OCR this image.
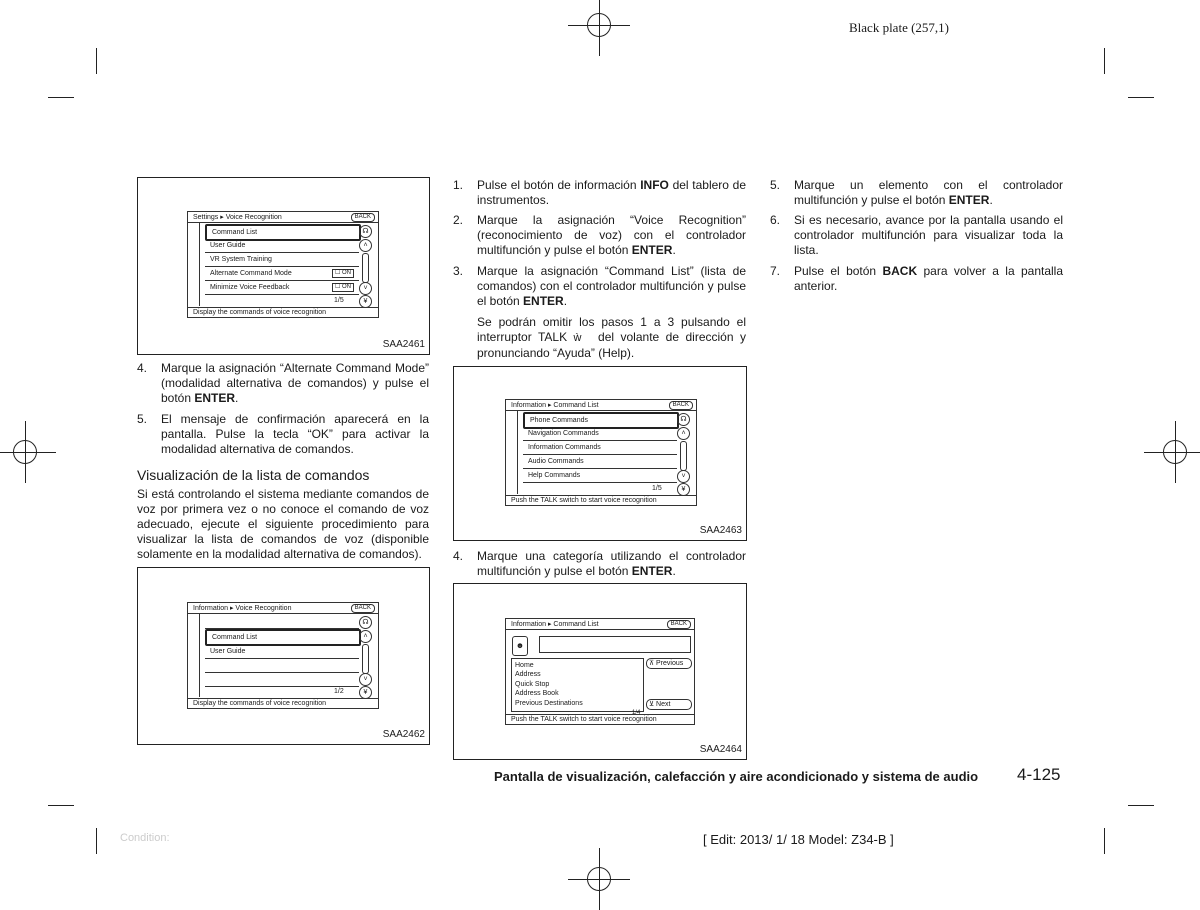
Black plate (257,1)
Settings ▸ Voice Recognition	BACK
Command List
User Guide
VR System Training
Alternate Command Mode	☐ ON
Minimize Voice Feedback	☐ ON
1/5
☊
˄
˅
¥
Display the commands of voice recognition
SAA2461
4. Marque la asignación “Alternate Command Mode” (modalidad alternativa de comandos) y pulse el botón ENTER.
5. El mensaje de confirmación aparecerá en la pantalla. Pulse la tecla “OK” para activar la modalidad alternativa de comandos.
Visualización de la lista de comandos
Si está controlando el sistema mediante comandos de voz por primera vez o no conoce el comando de voz adecuado, ejecute el siguiente procedimiento para visualizar la lista de comandos de voz (disponible solamente en la modalidad alternativa de comandos).
Information ▸ Voice Recognition	BACK
Command List
User Guide
1/2
☊
˄
˅
¥
Display the commands of voice recognition
SAA2462
1. Pulse el botón de información INFO del tablero de instrumentos.
2. Marque la asignación “Voice Recognition” (reconocimiento de voz) con el controlador multifunción y pulse el botón ENTER.
3. Marque la asignación “Command List” (lista de comandos) con el controlador multifunción y pulse el botón ENTER.
Se podrán omitir los pasos 1 a 3 pulsando el interruptor TALK ẁ del volante de dirección y pronunciando “Ayuda” (Help).
Information ▸ Command List	BACK
Phone Commands
Navigation Commands
Information Commands
Audio Commands
Help Commands
1/5
☊
˄
˅
¥
Push the TALK switch to start voice recognition
SAA2463
4. Marque una categoría utilizando el controlador multifunción y pulse el botón ENTER.
Information ▸ Command List	BACK
☻
Home
Address
Quick Stop
Address Book
Previous Destinations
⊼ Previous
⊻ Next
1/4
Push the TALK switch to start voice recognition
SAA2464
5. Marque un elemento con el controlador multifunción y pulse el botón ENTER.
6. Si es necesario, avance por la pantalla usando el controlador multifunción para visualizar toda la lista.
7. Pulse el botón BACK para volver a la pantalla anterior.
Pantalla de visualización, calefacción y aire acondicionado y sistema de audio 4-125
Condition:	[ Edit: 2013/ 1/ 18 Model: Z34-B ]
